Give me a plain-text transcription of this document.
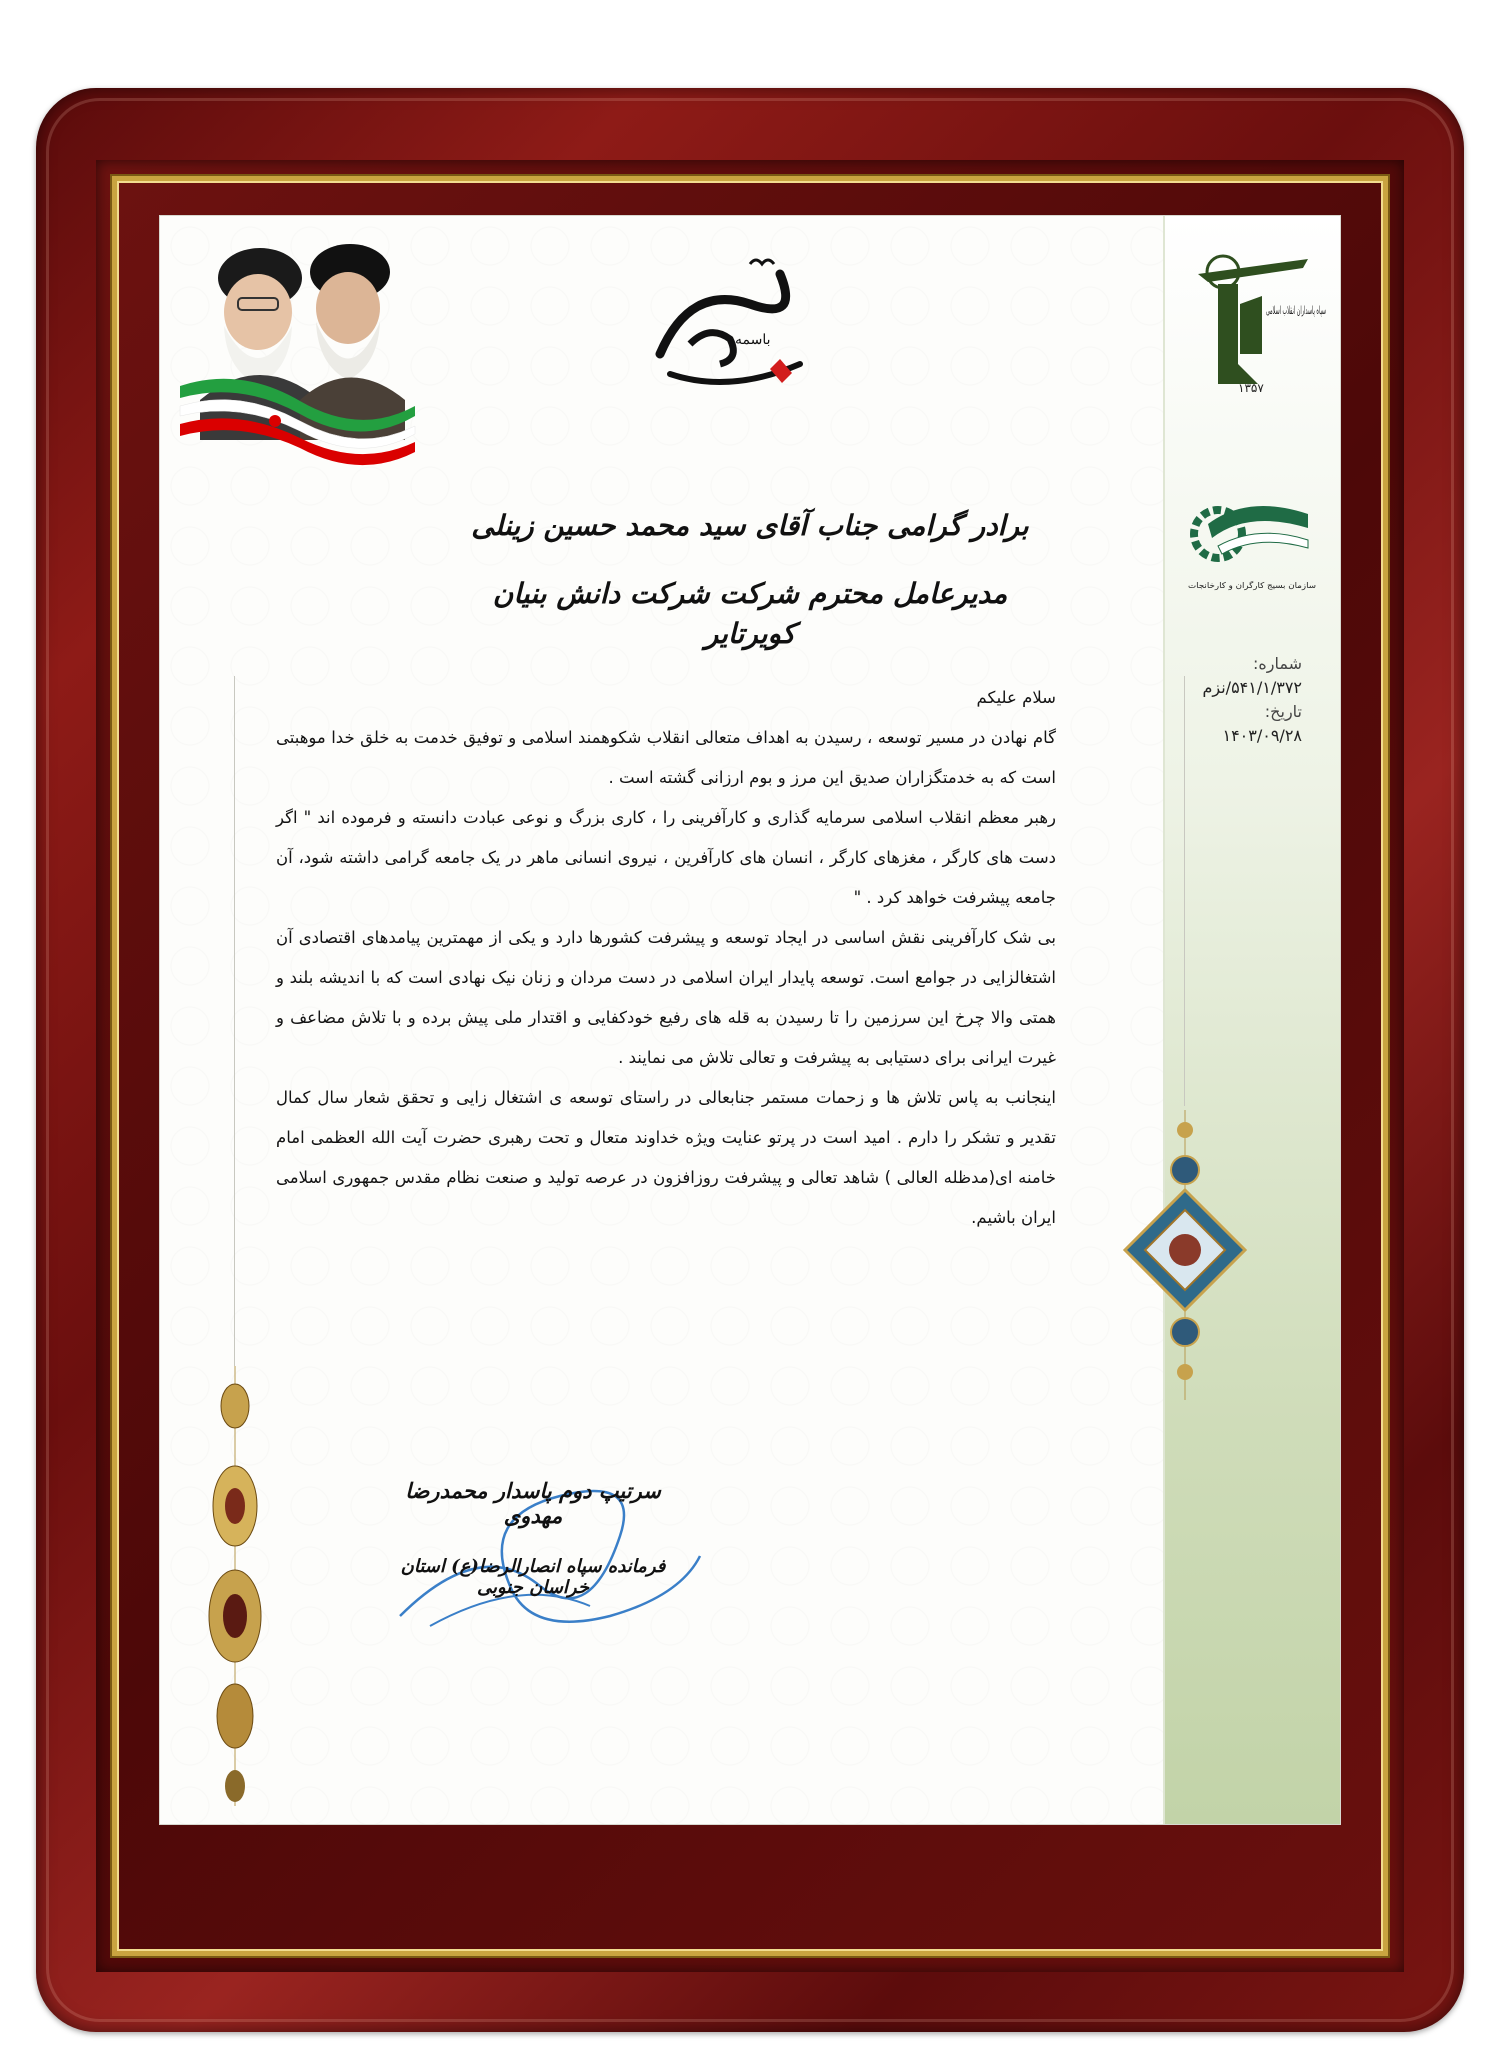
باسمه
سپاه پاسداران انقلاب اسلامی
۱۳۵۷
سازمان بسیج کارگران و کارخانجات
شماره:
۵۴۱/۱/۳۷۲/نزم
تاریخ:
۱۴۰۳/۰۹/۲۸
برادر گرامی جناب آقای سید محمد حسین زینلی
مدیرعامل محترم شرکت شرکت دانش بنیان کویرتایر

سلام علیکم

گام نهادن در مسیر توسعه ، رسیدن به اهداف متعالی انقلاب شکوهمند اسلامی و توفیق خدمت به خلق خدا موهبتی است که به خدمتگزاران صدیق این مرز و بوم ارزانی گشته است .

رهبر معظم انقلاب اسلامی سرمایه گذاری و کارآفرینی را ، کاری بزرگ و نوعی عبادت دانسته و فرموده اند " اگر دست های کارگر ، مغزهای کارگر ، انسان های کارآفرین ، نیروی انسانی ماهر در یک جامعه گرامی داشته شود، آن جامعه پیشرفت خواهد کرد . "

بی شک کارآفرینی نقش اساسی در ایجاد توسعه و پیشرفت کشورها دارد و یکی از مهمترین پیامدهای اقتصادی آن اشتغالزایی در جوامع است. توسعه پایدار ایران اسلامی در دست مردان و زنان نیک نهادی است که با اندیشه بلند و همتی والا چرخ این سرزمین را تا رسیدن به قله های رفیع خودکفایی و اقتدار ملی پیش برده و با تلاش مضاعف و غیرت ایرانی برای دستیابی به پیشرفت و تعالی تلاش می نمایند .

اینجانب به پاس تلاش ها و زحمات مستمر جنابعالی در راستای توسعه ی اشتغال زایی و تحقق شعار سال کمال تقدیر و تشکر را دارم . امید است در پرتو عنایت ویژه خداوند متعال و تحت رهبری حضرت آیت الله العظمی امام خامنه ای(مدظله العالی ) شاهد تعالی و پیشرفت روزافزون در عرصه تولید و صنعت نظام مقدس جمهوری اسلامی ایران باشیم.

سرتیپ دوم پاسدار محمدرضا مهدوی
فرمانده سپاه انصارالرضا(ع) استان خراسان جنوبی
